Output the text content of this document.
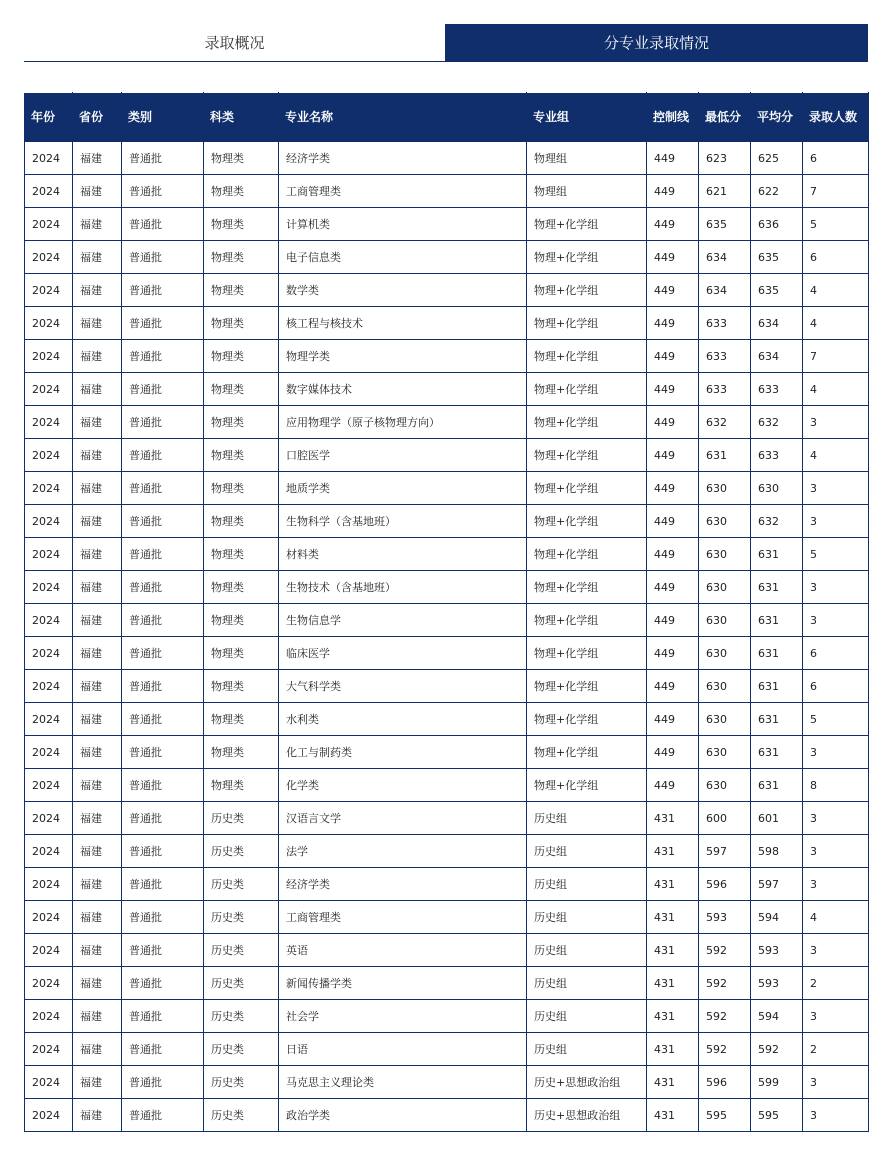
录取概况	分专业录取情况
年份	省份	类别	科类	专业名称	专业组	控制线	最低分	平均分	录取人数
2024	福建	普通批	物理类	经济学类	物理组	449	623	625	6
2024	福建	普通批	物理类	工商管理类	物理组	449	621	622	7
2024	福建	普通批	物理类	计算机类	物理+化学组	449	635	636	5
2024	福建	普通批	物理类	电子信息类	物理+化学组	449	634	635	6
2024	福建	普通批	物理类	数学类	物理+化学组	449	634	635	4
2024	福建	普通批	物理类	核工程与核技术	物理+化学组	449	633	634	4
2024	福建	普通批	物理类	物理学类	物理+化学组	449	633	634	7
2024	福建	普通批	物理类	数字媒体技术	物理+化学组	449	633	633	4
2024	福建	普通批	物理类	应用物理学（原子核物理方向）	物理+化学组	449	632	632	3
2024	福建	普通批	物理类	口腔医学	物理+化学组	449	631	633	4
2024	福建	普通批	物理类	地质学类	物理+化学组	449	630	630	3
2024	福建	普通批	物理类	生物科学（含基地班）	物理+化学组	449	630	632	3
2024	福建	普通批	物理类	材料类	物理+化学组	449	630	631	5
2024	福建	普通批	物理类	生物技术（含基地班）	物理+化学组	449	630	631	3
2024	福建	普通批	物理类	生物信息学	物理+化学组	449	630	631	3
2024	福建	普通批	物理类	临床医学	物理+化学组	449	630	631	6
2024	福建	普通批	物理类	大气科学类	物理+化学组	449	630	631	6
2024	福建	普通批	物理类	水利类	物理+化学组	449	630	631	5
2024	福建	普通批	物理类	化工与制药类	物理+化学组	449	630	631	3
2024	福建	普通批	物理类	化学类	物理+化学组	449	630	631	8
2024	福建	普通批	历史类	汉语言文学	历史组	431	600	601	3
2024	福建	普通批	历史类	法学	历史组	431	597	598	3
2024	福建	普通批	历史类	经济学类	历史组	431	596	597	3
2024	福建	普通批	历史类	工商管理类	历史组	431	593	594	4
2024	福建	普通批	历史类	英语	历史组	431	592	593	3
2024	福建	普通批	历史类	新闻传播学类	历史组	431	592	593	2
2024	福建	普通批	历史类	社会学	历史组	431	592	594	3
2024	福建	普通批	历史类	日语	历史组	431	592	592	2
2024	福建	普通批	历史类	马克思主义理论类	历史+思想政治组	431	596	599	3
2024	福建	普通批	历史类	政治学类	历史+思想政治组	431	595	595	3
